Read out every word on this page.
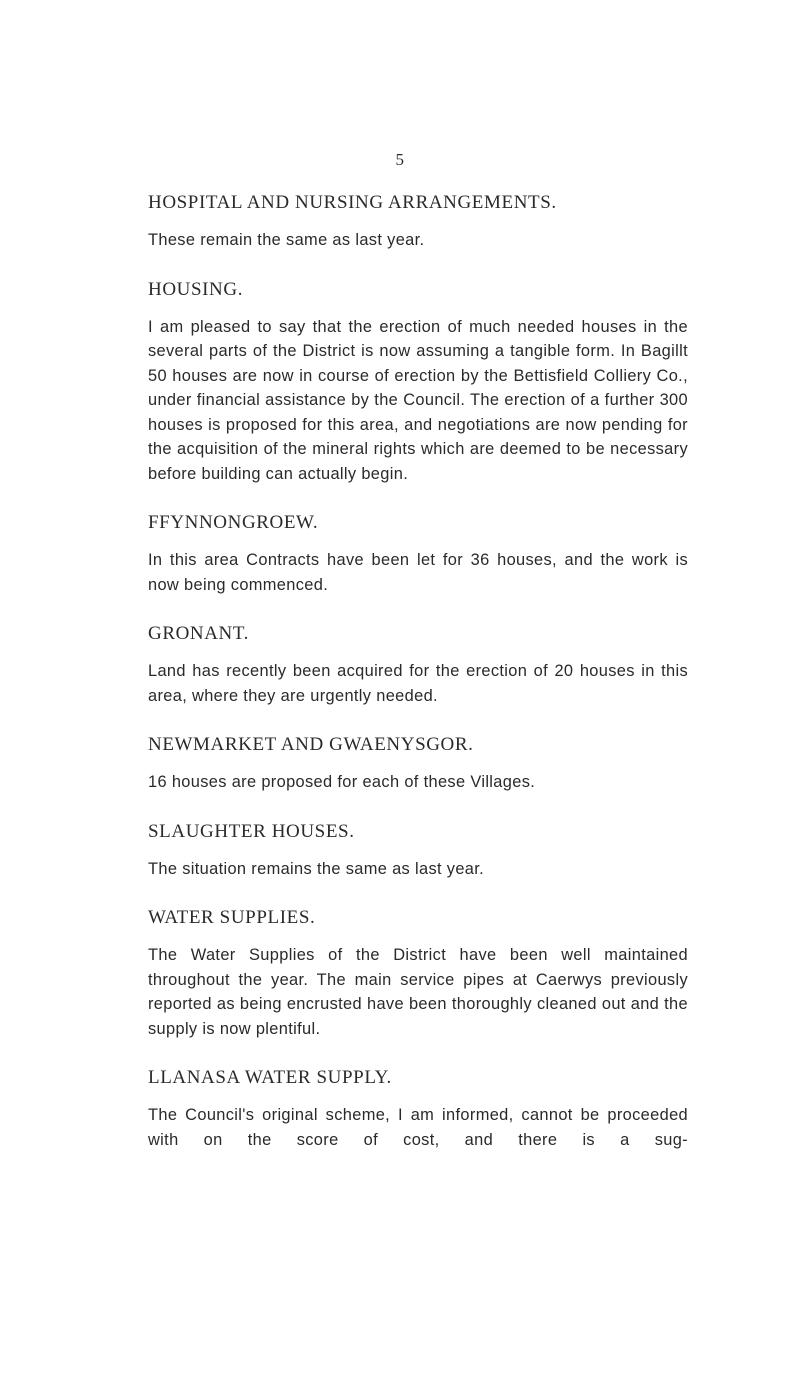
5
HOSPITAL AND NURSING ARRANGEMENTS.
These remain the same as last year.
HOUSING.
I am pleased to say that the erection of much needed houses in the several parts of the District is now assuming a tangible form. In Bagillt 50 houses are now in course of erection by the Bettisfield Colliery Co., under financial assistance by the Council. The erection of a further 300 houses is proposed for this area, and negotiations are now pending for the acquisition of the mineral rights which are deemed to be necessary before building can actually begin.
FFYNNONGROEW.
In this area Contracts have been let for 36 houses, and the work is now being commenced.
GRONANT.
Land has recently been acquired for the erection of 20 houses in this area, where they are urgently needed.
NEWMARKET AND GWAENYSGOR.
16 houses are proposed for each of these Villages.
SLAUGHTER HOUSES.
The situation remains the same as last year.
WATER SUPPLIES.
The Water Supplies of the District have been well maintained throughout the year. The main service pipes at Caerwys previously reported as being encrusted have been thoroughly cleaned out and the supply is now plentiful.
LLANASA WATER SUPPLY.
The Council's original scheme, I am informed, cannot be proceeded with on the score of cost, and there is a sug-
